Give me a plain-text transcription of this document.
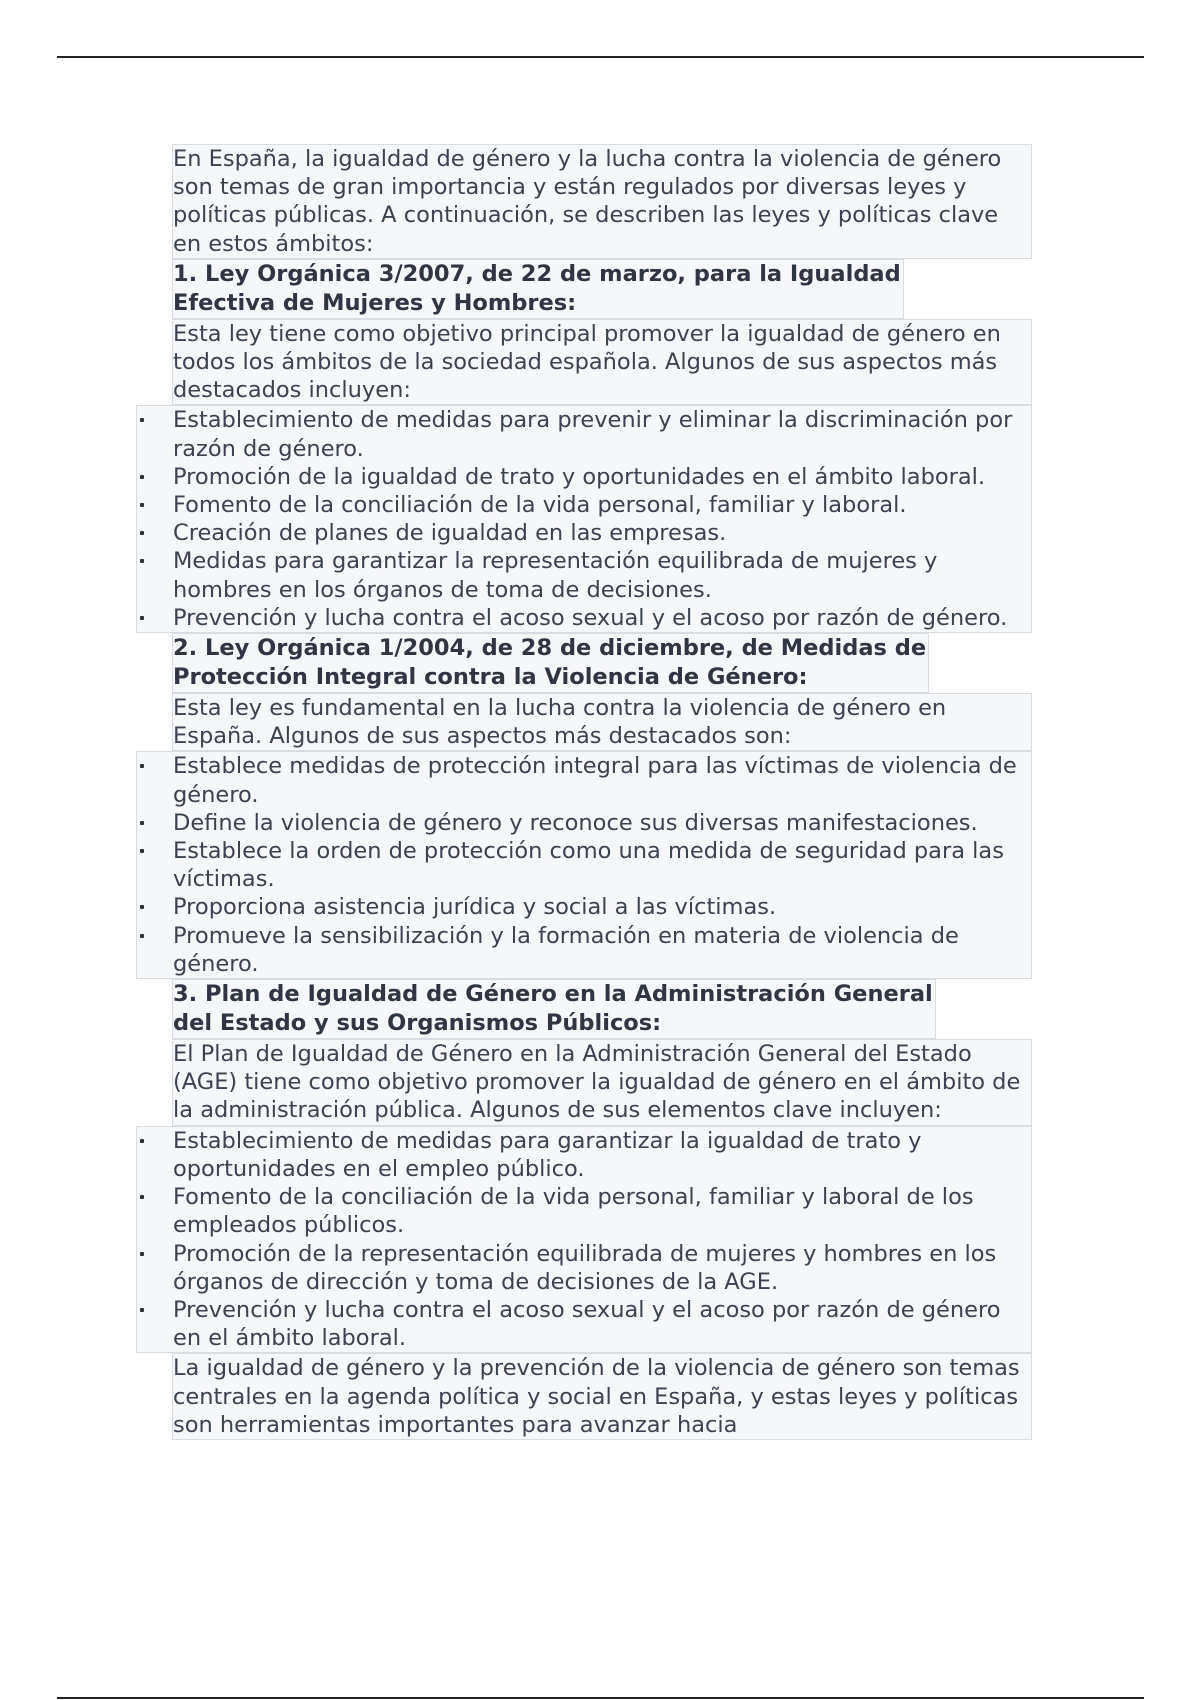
En España, la igualdad de género y la lucha contra la violencia de género son temas de gran importancia y están regulados por diversas leyes y políticas públicas. A continuación, se describen las leyes y políticas clave en estos ámbitos:
1. Ley Orgánica 3/2007, de 22 de marzo, para la Igualdad
Efectiva de Mujeres y Hombres:
Esta ley tiene como objetivo principal promover la igualdad de género en todos los ámbitos de la sociedad española. Algunos de sus aspectos más destacados incluyen:
Establecimiento de medidas para prevenir y eliminar la discriminación por razón de género.
Promoción de la igualdad de trato y oportunidades en el ámbito laboral.
Fomento de la conciliación de la vida personal, familiar y laboral.
Creación de planes de igualdad en las empresas.
Medidas para garantizar la representación equilibrada de mujeres y hombres en los órganos de toma de decisiones.
Prevención y lucha contra el acoso sexual y el acoso por razón de género.
2. Ley Orgánica 1/2004, de 28 de diciembre, de Medidas de
Protección Integral contra la Violencia de Género:
Esta ley es fundamental en la lucha contra la violencia de género en España. Algunos de sus aspectos más destacados son:
Establece medidas de protección integral para las víctimas de violencia de género.
Define la violencia de género y reconoce sus diversas manifestaciones.
Establece la orden de protección como una medida de seguridad para las víctimas.
Proporciona asistencia jurídica y social a las víctimas.
Promueve la sensibilización y la formación en materia de violencia de género.
3. Plan de Igualdad de Género en la Administración General
del Estado y sus Organismos Públicos:
El Plan de Igualdad de Género en la Administración General del Estado (AGE) tiene como objetivo promover la igualdad de género en el ámbito de la administración pública. Algunos de sus elementos clave incluyen:
Establecimiento de medidas para garantizar la igualdad de trato y oportunidades en el empleo público.
Fomento de la conciliación de la vida personal, familiar y laboral de los empleados públicos.
Promoción de la representación equilibrada de mujeres y hombres en los órganos de dirección y toma de decisiones de la AGE.
Prevención y lucha contra el acoso sexual y el acoso por razón de género en el ámbito laboral.
La igualdad de género y la prevención de la violencia de género son temas centrales en la agenda política y social en España, y estas leyes y políticas son herramientas importantes para avanzar hacia
